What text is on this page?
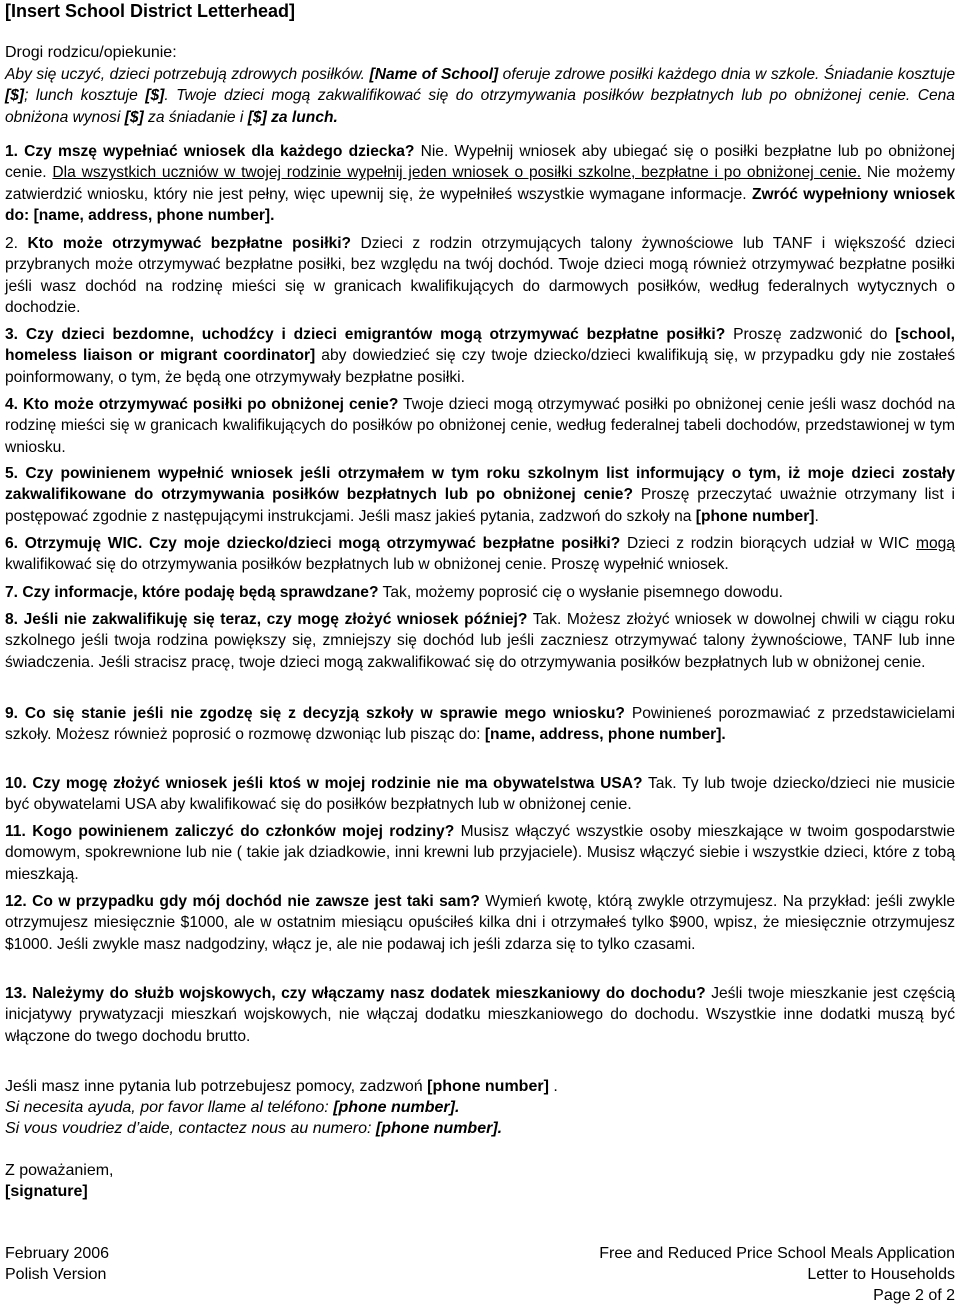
[Insert School District Letterhead]
Drogi rodzicu/opiekunie:
Aby się uczyć, dzieci potrzebują zdrowych posiłków. [Name of School] oferuje zdrowe posiłki każdego dnia w szkole. Śniadanie kosztuje [$]; lunch kosztuje [$]. Twoje dzieci mogą zakwalifikować się do otrzymywania posiłków bezpłatnych lub po obniżonej cenie. Cena obniżona wynosi [$] za śniadanie i [$] za lunch.
1. Czy mszę wypełniać wniosek dla każdego dziecka? Nie. Wypełnij wniosek aby ubiegać się o posiłki bezpłatne lub po obniżonej cenie. Dla wszystkich uczniów w twojej rodzinie wypełnij jeden wniosek o posiłki szkolne, bezpłatne i po obniżonej cenie. Nie możemy zatwierdzić wniosku, który nie jest pełny, więc upewnij się, że wypełniłeś wszystkie wymagane informacje. Zwróć wypełniony wniosek do: [name, address, phone number].
2. Kto może otrzymywać bezpłatne posiłki? Dzieci z rodzin otrzymujących talony żywnościowe lub TANF i większość dzieci przybranych może otrzymywać bezpłatne posiłki, bez względu na twój dochód. Twoje dzieci mogą również otrzymywać bezpłatne posiłki jeśli wasz dochód na rodzinę mieści się w granicach kwalifikujących do darmowych posiłków, według federalnych wytycznych o dochodzie.
3. Czy dzieci bezdomne, uchodźcy i dzieci emigrantów mogą otrzymywać bezpłatne posiłki? Proszę zadzwonić do [school, homeless liaison or migrant coordinator] aby dowiedzieć się czy twoje dziecko/dzieci kwalifikują się, w przypadku gdy nie zostałeś poinformowany, o tym, że będą one otrzymywały bezpłatne posiłki.
4. Kto może otrzymywać posiłki po obniżonej cenie? Twoje dzieci mogą otrzymywać posiłki po obniżonej cenie jeśli wasz dochód na rodzinę mieści się w granicach kwalifikujących do posiłków po obniżonej cenie, według federalnej tabeli dochodów, przedstawionej w tym wniosku.
5. Czy powinienem wypełnić wniosek jeśli otrzymałem w tym roku szkolnym list informujący o tym, iż moje dzieci zostały zakwalifikowane do otrzymywania posiłków bezpłatnych lub po obniżonej cenie? Proszę przeczytać uważnie otrzymany list i postępować zgodnie z następującymi instrukcjami. Jeśli masz jakieś pytania, zadzwoń do szkoły na [phone number].
6. Otrzymuję WIC. Czy moje dziecko/dzieci mogą otrzymywać bezpłatne posiłki? Dzieci z rodzin biorących udział w WIC mogą kwalifikować się do otrzymywania posiłków bezpłatnych lub w obniżonej cenie. Proszę wypełnić wniosek.
7. Czy informacje, które podaję będą sprawdzane? Tak, możemy poprosić cię o wysłanie pisemnego dowodu.
8. Jeśli nie zakwalifikuję się teraz, czy mogę złożyć wniosek później? Tak. Możesz złożyć wniosek w dowolnej chwili w ciągu roku szkolnego jeśli twoja rodzina powiększy się, zmniejszy się dochód lub jeśli zaczniesz otrzymywać talony żywnościowe, TANF lub inne świadczenia. Jeśli stracisz pracę, twoje dzieci mogą zakwalifikować się do otrzymywania posiłków bezpłatnych lub w obniżonej cenie.
9. Co się stanie jeśli nie zgodzę się z decyzją szkoły w sprawie mego wniosku? Powinieneś porozmawiać z przedstawicielami szkoły. Możesz również poprosić o rozmowę dzwoniąc lub pisząc do: [name, address, phone number].
10. Czy mogę złożyć wniosek jeśli ktoś w mojej rodzinie nie ma obywatelstwa USA? Tak. Ty lub twoje dziecko/dzieci nie musicie być obywatelami USA aby kwalifikować się do posiłków bezpłatnych lub w obniżonej cenie.
11. Kogo powinienem zaliczyć do członków mojej rodziny? Musisz włączyć wszystkie osoby mieszkające w twoim gospodarstwie domowym, spokrewnione lub nie ( takie jak dziadkowie, inni krewni lub przyjaciele). Musisz włączyć siebie i wszystkie dzieci, które z tobą mieszkają.
12. Co w przypadku gdy mój dochód nie zawsze jest taki sam? Wymień kwotę, którą zwykle otrzymujesz. Na przykład: jeśli zwykle otrzymujesz miesięcznie $1000, ale w ostatnim miesiącu opuściłeś kilka dni i otrzymałeś tylko $900, wpisz, że miesięcznie otrzymujesz $1000. Jeśli zwykle masz nadgodziny, włącz je, ale nie podawaj ich jeśli zdarza się to tylko czasami.
13. Należymy do służb wojskowych, czy włączamy nasz dodatek mieszkaniowy do dochodu? Jeśli twoje mieszkanie jest częścią inicjatywy prywatyzacji mieszkań wojskowych, nie włączaj dodatku mieszkaniowego do dochodu. Wszystkie inne dodatki muszą być włączone do twego dochodu brutto.
Jeśli masz inne pytania lub potrzebujesz pomocy, zadzwoń [phone number] .
Si necesita ayuda, por favor llame al teléfono: [phone number].
Si vous voudriez d’aide, contactez nous au numero: [phone number].
Z poważaniem,
[signature]
February 2006
Polish Version
Free and Reduced Price School Meals Application
Letter to Households
Page 2 of 2
